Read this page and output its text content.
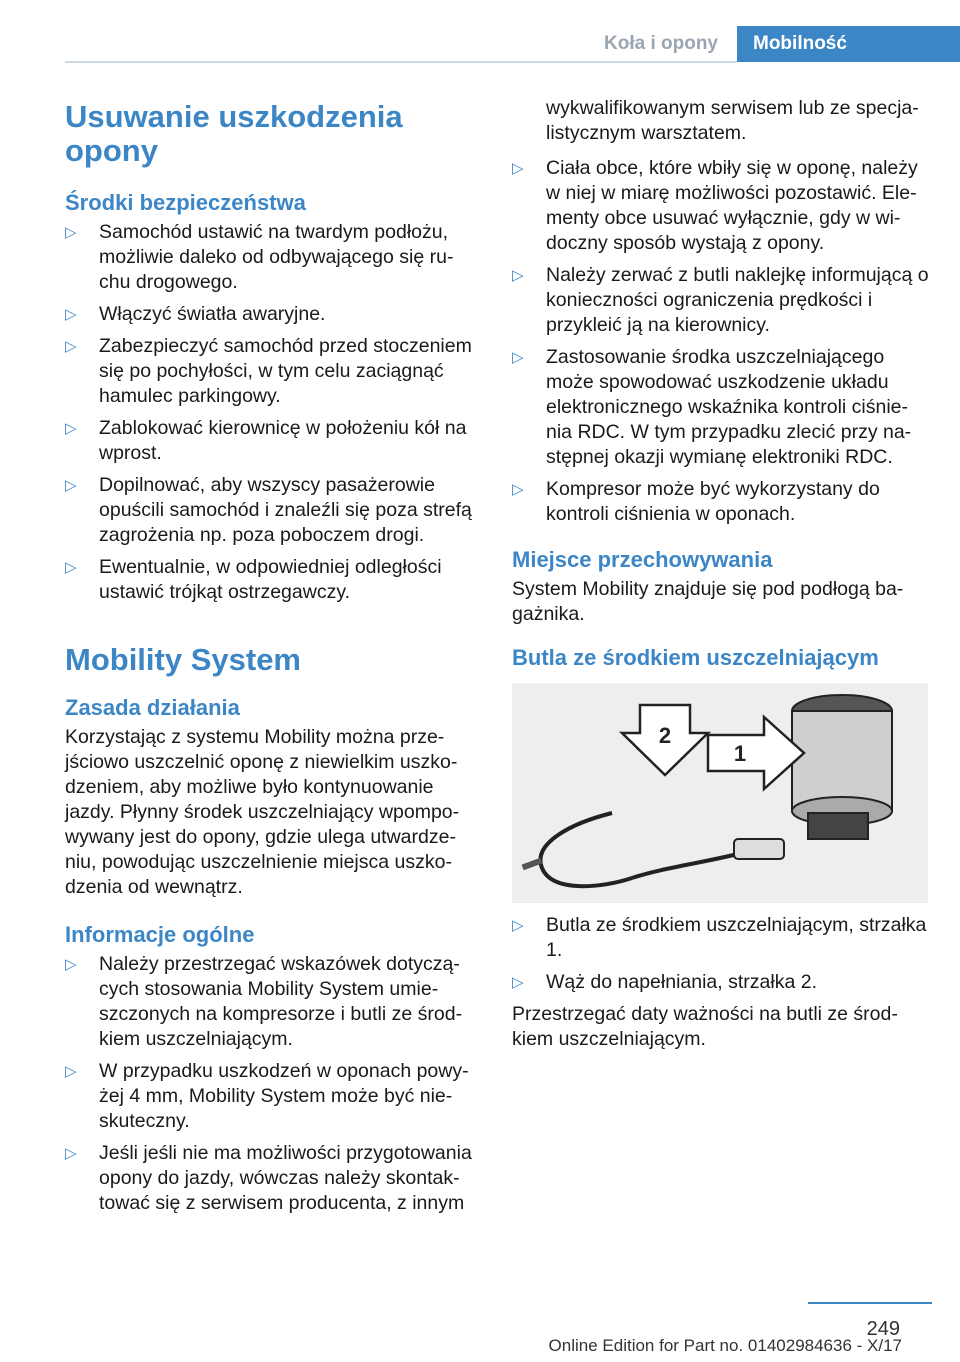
Koła i opony	Mobilność
Usuwanie uszkodzenia opony
Środki bezpieczeństwa
▷ Samochód ustawić na twardym podłożu, możliwie daleko od odbywającego się ru‐chu drogowego.
▷ Włączyć światła awaryjne.
▷ Zabezpieczyć samochód przed stoczeniem się po pochyłości, w tym celu zaciągnąć hamulec parkingowy.
▷ Zablokować kierownicę w położeniu kół na wprost.
▷ Dopilnować, aby wszyscy pasażerowie opuścili samochód i znaleźli się poza strefą zagrożenia np. poza poboczem drogi.
▷ Ewentualnie, w odpowiedniej odległości ustawić trójkąt ostrzegawczy.
Mobility System
Zasada działania
Korzystając z systemu Mobility można prze‐jściowo uszczelnić oponę z niewielkim uszko‐dzeniem, aby możliwe było kontynuowanie jazdy. Płynny środek uszczelniający wpompo‐wywany jest do opony, gdzie ulega utwardze‐niu, powodując uszczelnienie miejsca uszko‐dzenia od wewnątrz.
Informacje ogólne
▷ Należy przestrzegać wskazówek dotyczą‐cych stosowania Mobility System umie‐szczonych na kompresorze i butli ze środ‐kiem uszczelniającym.
▷ W przypadku uszkodzeń w oponach powy‐żej 4 mm, Mobility System może być nie‐skuteczny.
▷ Jeśli jeśli nie ma możliwości przygotowania opony do jazdy, wówczas należy skontak‐tować się z serwisem producenta, z innym
wykwalifikowanym serwisem lub ze specja‐listycznym warsztatem.
▷ Ciała obce, które wbiły się w oponę, należy w niej w miarę możliwości pozostawić. Ele‐menty obce usuwać wyłącznie, gdy w wi‐doczny sposób wystają z opony.
▷ Należy zerwać z butli naklejkę informującą o konieczności ograniczenia prędkości i przykleić ją na kierownicy.
▷ Zastosowanie środka uszczelniającego może spowodować uszkodzenie układu elektronicznego wskaźnika kontroli ciśnie‐nia RDC. W tym przypadku zlecić przy na‐stępnej okazji wymianę elektroniki RDC.
▷ Kompresor może być wykorzystany do kontroli ciśnienia w oponach.
Miejsce przechowywania
System Mobility znajduje się pod podłogą ba‐gażnika.
Butla ze środkiem uszczelniającym
2
1
▷ Butla ze środkiem uszczelniającym, strzałka 1.
▷ Wąż do napełniania, strzałka 2.
Przestrzegać daty ważności na butli ze środ‐kiem uszczelniającym.
249
Online Edition for Part no. 01402984636 - X/17
